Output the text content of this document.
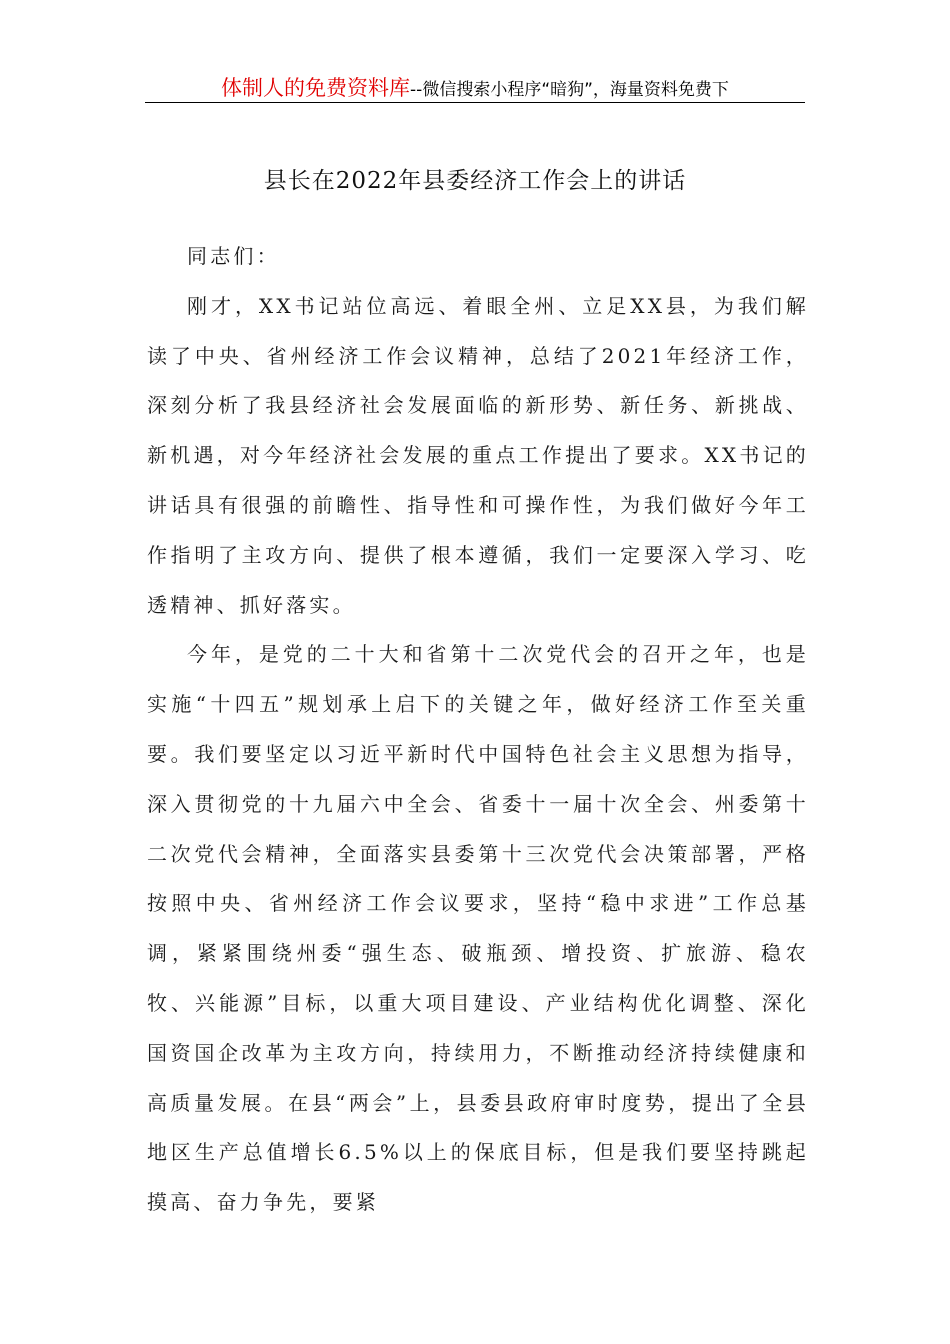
体制人的免费资料库--微信搜索小程序“暗狗”，海量资料免费下
县长在2022年县委经济工作会上的讲话

同志们：

刚才，XX书记站位高远、着眼全州、立足XX县，为我们解读了中央、省州经济工作会议精神，总结了2021年经济工作，深刻分析了我县经济社会发展面临的新形势、新任务、新挑战、新机遇，对今年经济社会发展的重点工作提出了要求。XX书记的讲话具有很强的前瞻性、指导性和可操作性，为我们做好今年工作指明了主攻方向、提供了根本遵循，我们一定要深入学习、吃透精神、抓好落实。

今年，是党的二十大和省第十二次党代会的召开之年，也是实施“十四五”规划承上启下的关键之年，做好经济工作至关重要。我们要坚定以习近平新时代中国特色社会主义思想为指导，深入贯彻党的十九届六中全会、省委十一届十次全会、州委第十二次党代会精神，全面落实县委第十三次党代会决策部署，严格按照中央、省州经济工作会议要求，坚持“稳中求进”工作总基调，紧紧围绕州委“强生态、破瓶颈、增投资、扩旅游、稳农牧、兴能源”目标，以重大项目建设、产业结构优化调整、深化国资国企改革为主攻方向，持续用力，不断推动经济持续健康和高质量发展。在县“两会”上，县委县政府审时度势，提出了全县地区生产总值增长6.5%以上的保底目标，但是我们要坚持跳起摸高、奋力争先，要紧
